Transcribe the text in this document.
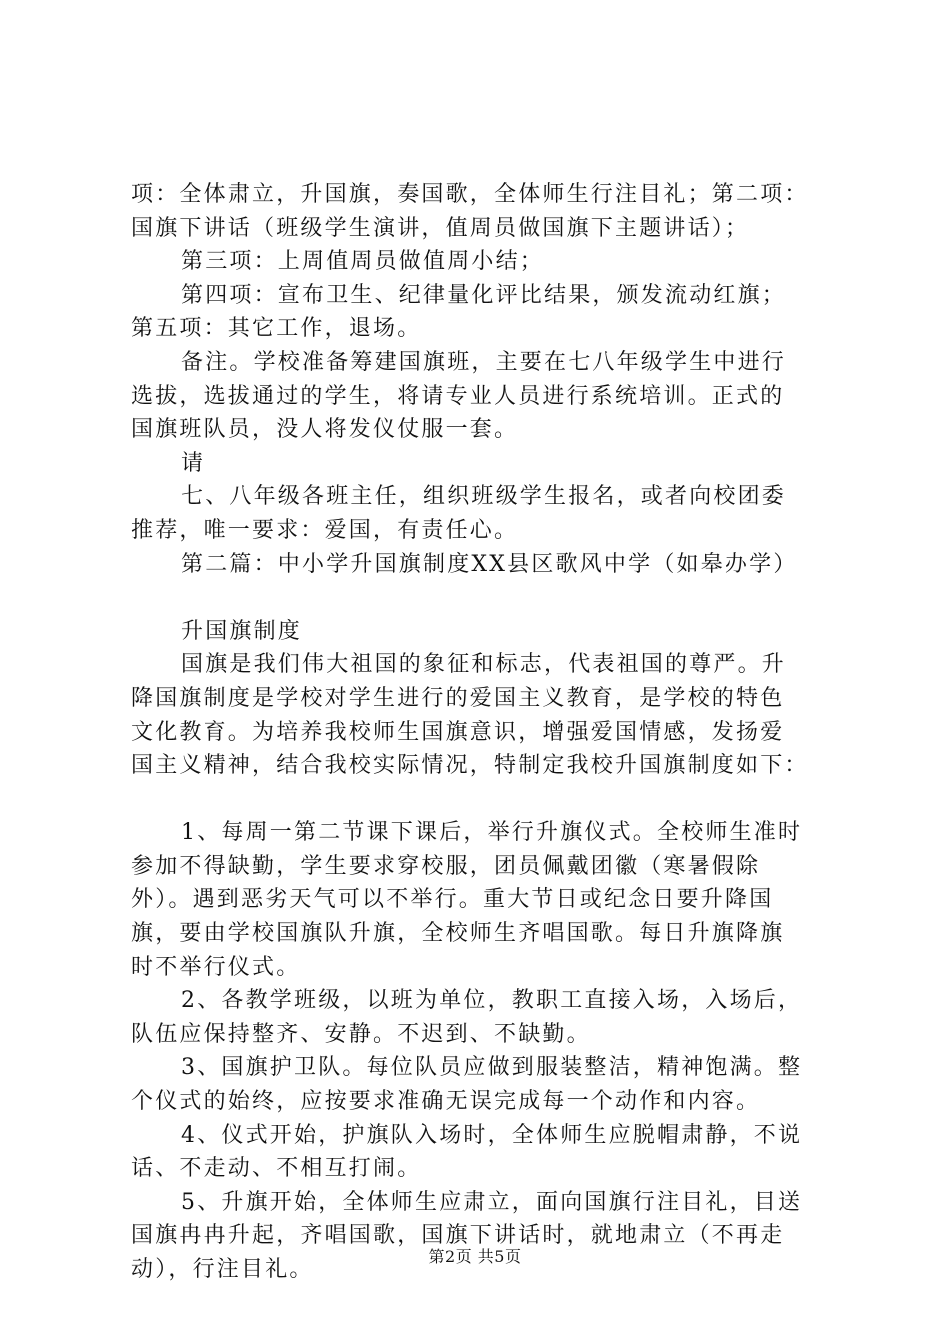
项：全体肃立，升国旗，奏国歌，全体师生行注目礼；第二项：
国旗下讲话（班级学生演讲，值周员做国旗下主题讲话）；
第三项：上周值周员做值周小结；
第四项：宣布卫生、纪律量化评比结果，颁发流动红旗；
第五项：其它工作，退场。
备注。学校准备筹建国旗班，主要在七八年级学生中进行
选拔，选拔通过的学生，将请专业人员进行系统培训。正式的
国旗班队员，没人将发仪仗服一套。
请
七、八年级各班主任，组织班级学生报名，或者向校团委
推荐，唯一要求：爱国，有责任心。
第二篇：中小学升国旗制度XX县区歌风中学（如皋办学）
升国旗制度
国旗是我们伟大祖国的象征和标志，代表祖国的尊严。升
降国旗制度是学校对学生进行的爱国主义教育，是学校的特色
文化教育。为培养我校师生国旗意识，增强爱国情感，发扬爱
国主义精神，结合我校实际情况，特制定我校升国旗制度如下：
1、每周一第二节课下课后，举行升旗仪式。全校师生准时
参加不得缺勤，学生要求穿校服，团员佩戴团徽（寒暑假除
外）。遇到恶劣天气可以不举行。重大节日或纪念日要升降国
旗，要由学校国旗队升旗，全校师生齐唱国歌。每日升旗降旗
时不举行仪式。
2、各教学班级，以班为单位，教职工直接入场，入场后，
队伍应保持整齐、安静。不迟到、不缺勤。
3、国旗护卫队。每位队员应做到服装整洁，精神饱满。整
个仪式的始终，应按要求准确无误完成每一个动作和内容。
4、仪式开始，护旗队入场时，全体师生应脱帽肃静，不说
话、不走动、不相互打闹。
5、升旗开始，全体师生应肃立，面向国旗行注目礼，目送
国旗冉冉升起，齐唱国歌，国旗下讲话时，就地肃立（不再走
动），行注目礼。
第2页 共5页
